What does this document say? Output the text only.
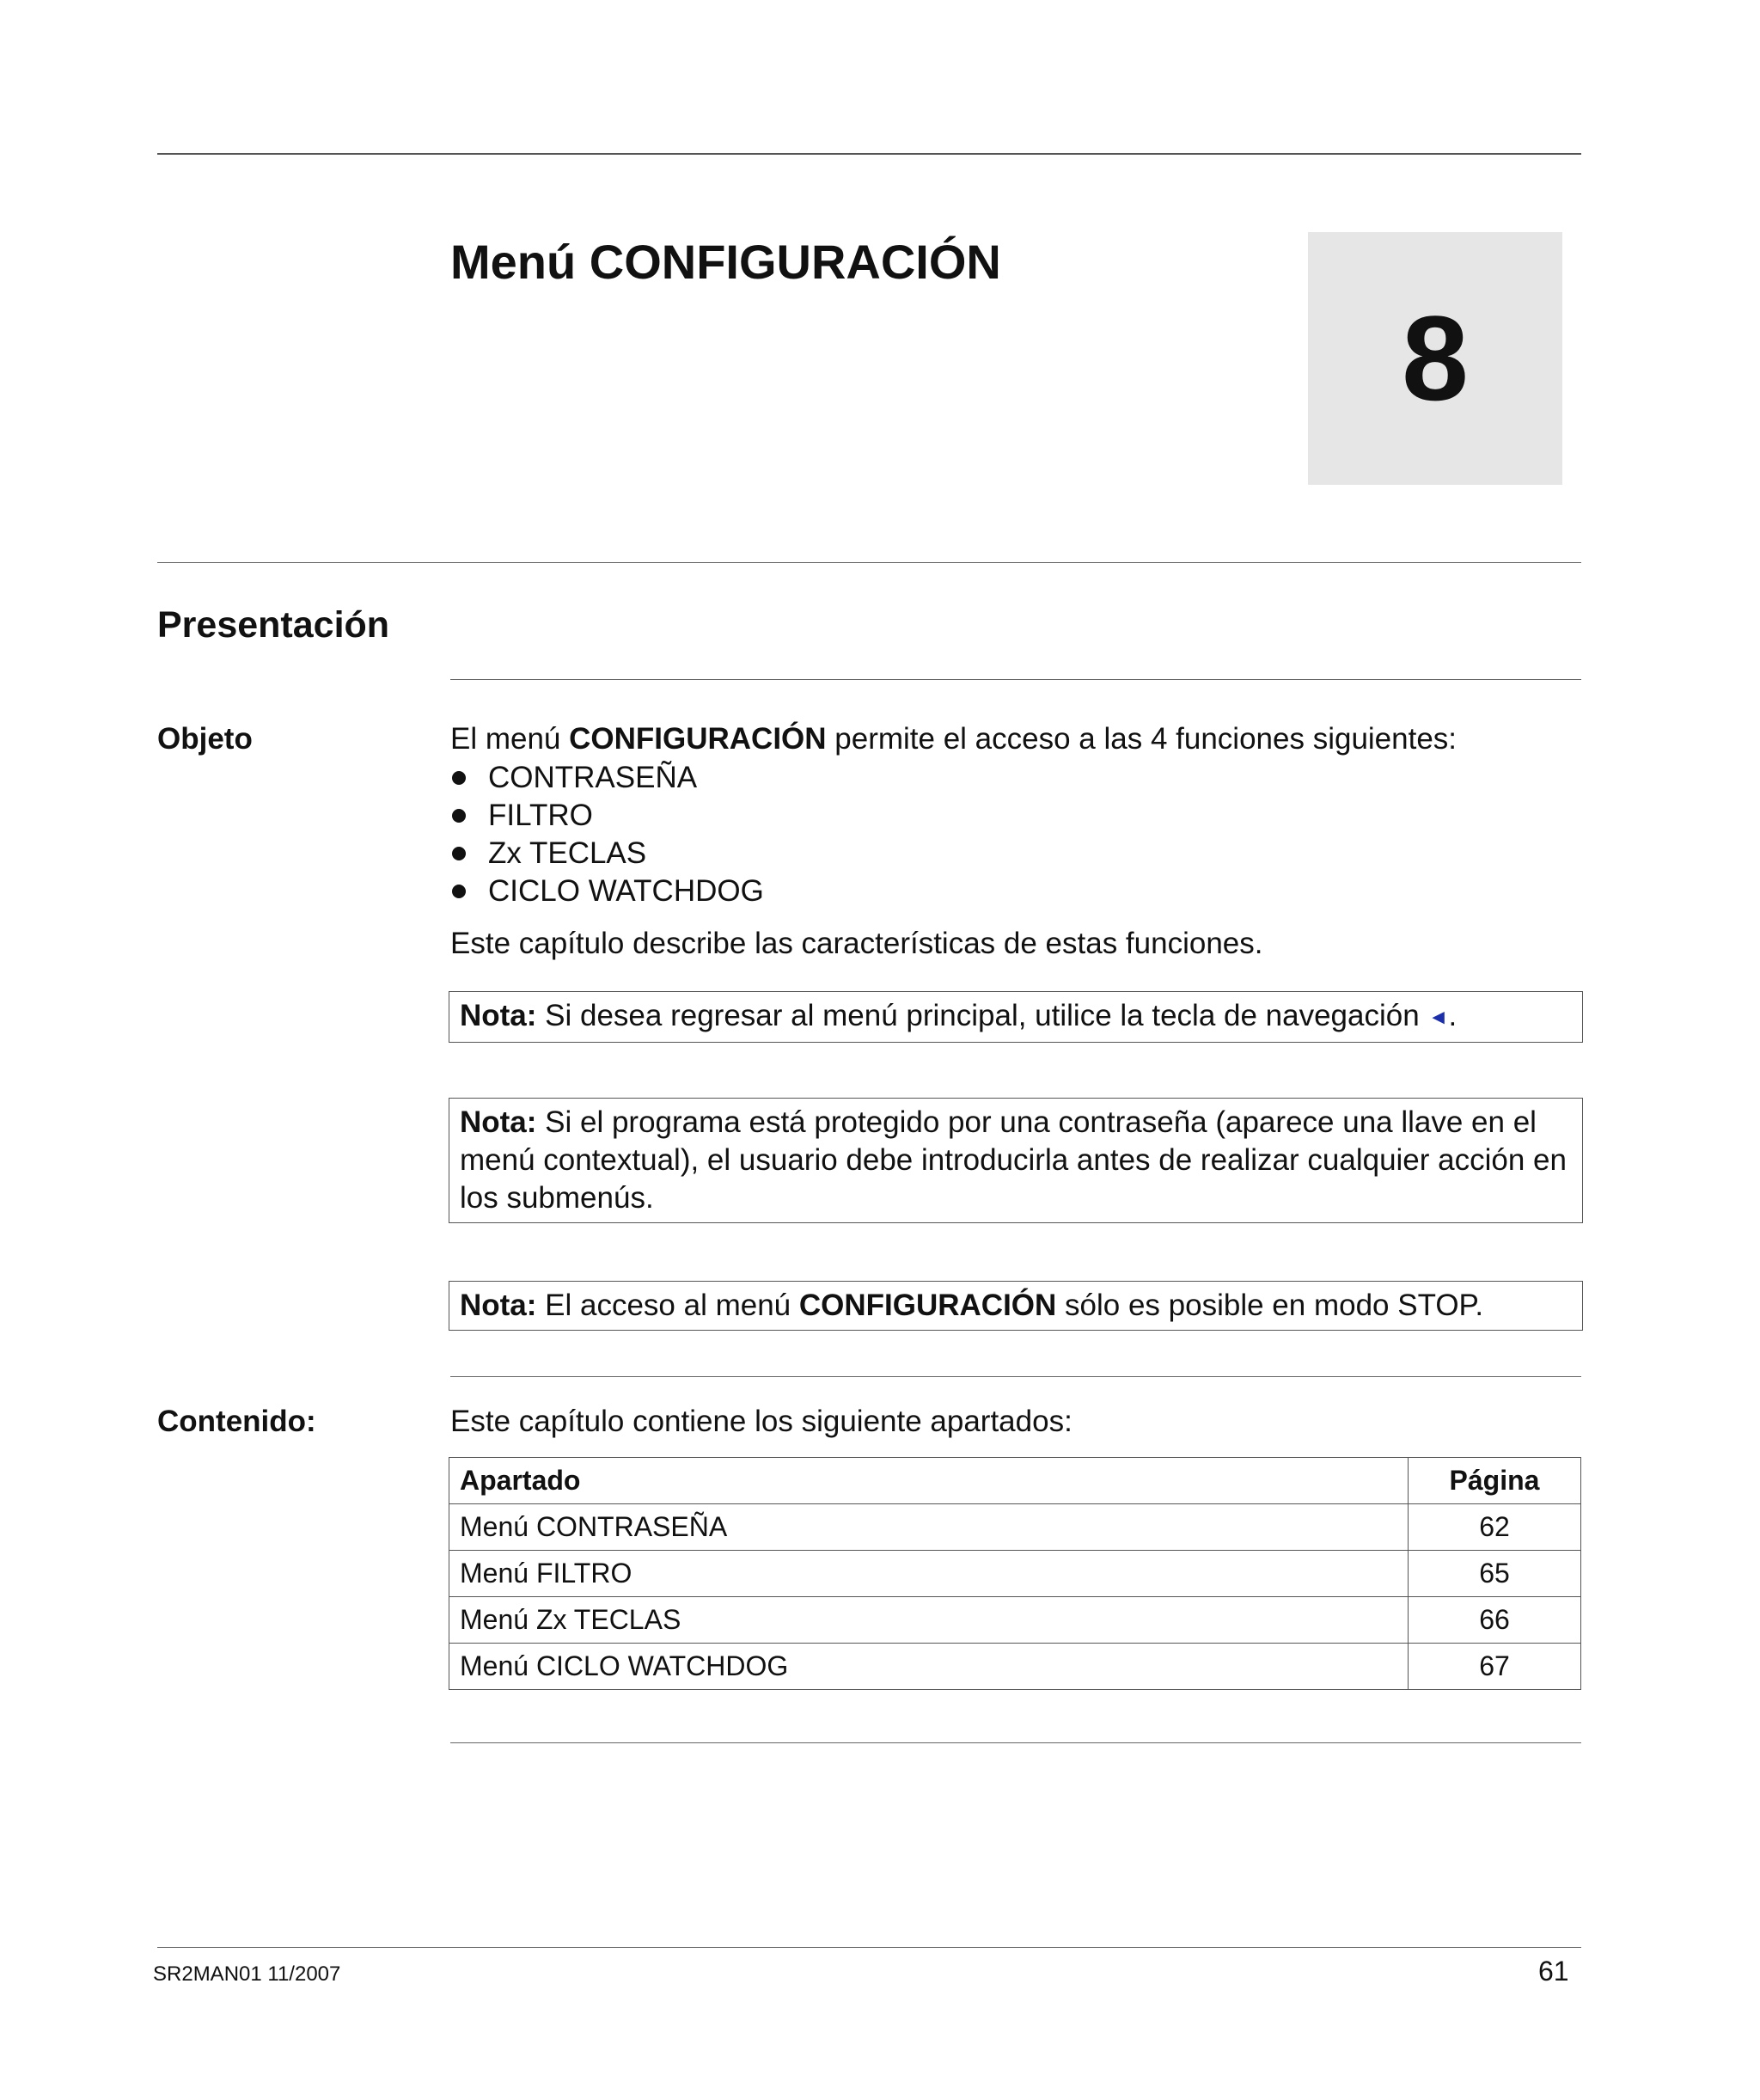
Menú CONFIGURACIÓN
8
Presentación
Objeto	El menú CONFIGURACIÓN permite el acceso a las 4 funciones siguientes:
CONTRASEÑA
FILTRO
Zx TECLAS
CICLO WATCHDOG
Este capítulo describe las características de estas funciones.
Nota: Si desea regresar al menú principal, utilice la tecla de navegación ◄.
Nota: Si el programa está protegido por una contraseña (aparece una llave en el menú contextual), el usuario debe introducirla antes de realizar cualquier acción en los submenús.
Nota: El acceso al menú CONFIGURACIÓN sólo es posible en modo STOP.
Contenido:	Este capítulo contiene los siguiente apartados:
Apartado	Página
Menú CONTRASEÑA	62
Menú FILTRO	65
Menú Zx TECLAS	66
Menú CICLO WATCHDOG	67
SR2MAN01 11/2007	61
